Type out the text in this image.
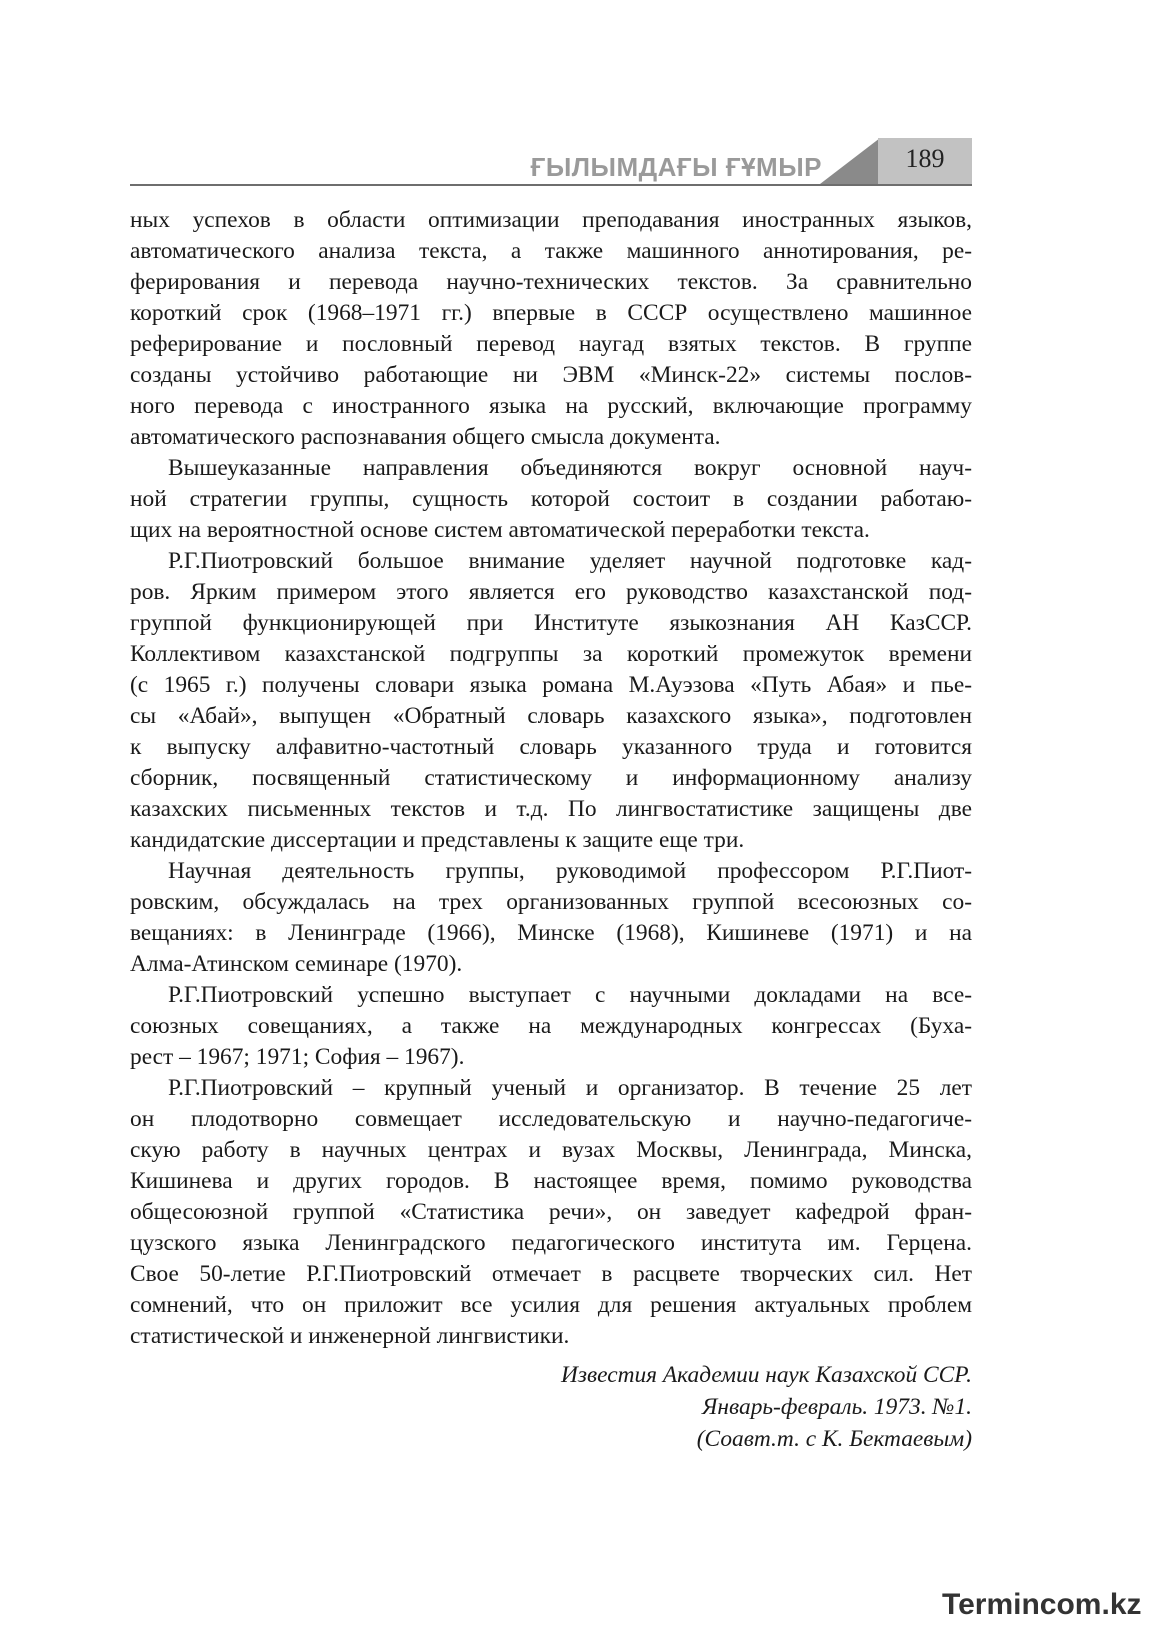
ҒЫЛЫМДАҒЫ ҒҰМЫР	189
ных успехов в области оптимизации преподавания иностранных языков,
автоматического анализа текста, а также машинного аннотирования, ре-
ферирования и перевода научно-технических текстов. За сравнительно
короткий срок (1968–1971 гг.) впервые в СССР осуществлено машинное
реферирование и пословный перевод наугад взятых текстов. В группе
созданы устойчиво работающие ни ЭВМ «Минск-22» системы послов-
ного перевода с иностранного языка на русский, включающие программу
автоматического распознавания общего смысла документа.
Вышеуказанные направления объединяются вокруг основной науч-
ной стратегии группы, сущность которой состоит в создании работаю-
щих на вероятностной основе систем автоматической переработки текста.
Р.Г.Пиотровский большое внимание уделяет научной подготовке кад-
ров. Ярким примером этого является его руководство казахстанской под-
группой функционирующей при Институте языкознания АН КазССР.
Коллективом казахстанской подгруппы за короткий промежуток времени
(с 1965 г.) получены словари языка романа М.Ауэзова «Путь Абая» и пье-
сы «Абай», выпущен «Обратный словарь казахского языка», подготовлен
к выпуску алфавитно-частотный словарь указанного труда и готовится
сборник, посвященный статистическому и информационному анализу
казахских письменных текстов и т.д. По лингвостатистике защищены две
кандидатские диссертации и представлены к защите еще три.
Научная деятельность группы, руководимой профессором Р.Г.Пиот-
ровским, обсуждалась на трех организованных группой всесоюзных со-
вещаниях: в Ленинграде (1966), Минске (1968), Кишиневе (1971) и на
Алма-Атинском семинаре (1970).
Р.Г.Пиотровский успешно выступает с научными докладами на все-
союзных совещаниях, а также на международных конгрессах (Буха-
рест – 1967; 1971; София – 1967).
Р.Г.Пиотровский – крупный ученый и организатор. В течение 25 лет
он плодотворно совмещает исследовательскую и научно-педагогиче-
скую работу в научных центрах и вузах Москвы, Ленинграда, Минска,
Кишинева и других городов. В настоящее время, помимо руководства
общесоюзной группой «Статистика речи», он заведует кафедрой фран-
цузского языка Ленинградского педагогического института им. Герцена.
Свое 50-летие Р.Г.Пиотровский отмечает в расцвете творческих сил. Нет
сомнений, что он приложит все усилия для решения актуальных проблем
статистической и инженерной лингвистики.
Известия Академии наук Казахской ССР.
Январь-февраль. 1973. №1.
(Соавт.т. с К. Бектаевым)
Termincom.kz
